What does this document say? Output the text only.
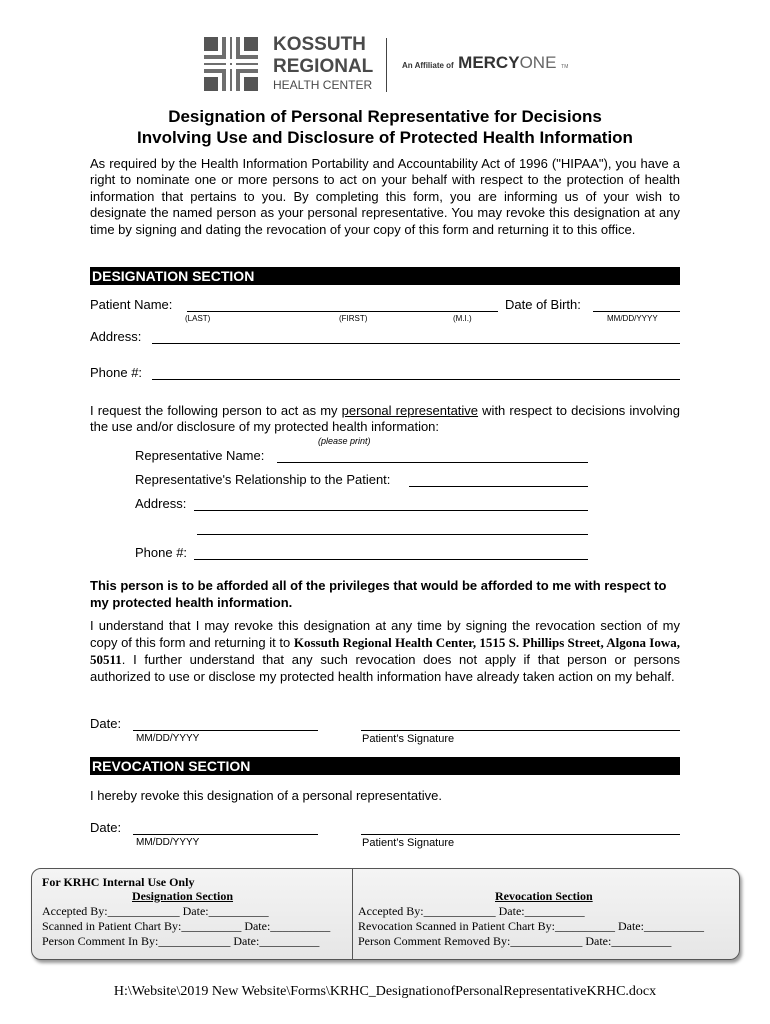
KOSSUTH
REGIONAL
HEALTH CENTER
An Affiliate of MERCYONE TM
Designation of Personal Representative for Decisions
Involving Use and Disclosure of Protected Health Information
As required by the Health Information Portability and Accountability Act of 1996 ("HIPAA"), you have a right to nominate one or more persons to act on your behalf with respect to the protection of health information that pertains to you. By completing this form, you are informing us of your wish to designate the named person as your personal representative. You may revoke this designation at any time by signing and dating the revocation of your copy of this form and returning it to this office.
DESIGNATION SECTION
Patient Name:	Date of Birth:
(LAST)	(FIRST)	(M.I.)	MM/DD/YYYY
Address:
Phone #:
I request the following person to act as my personal representative with respect to decisions involving the use and/or disclosure of my protected health information:
(please print)
Representative Name:
Representative's Relationship to the Patient:
Address:
Phone #:
This person is to be afforded all of the privileges that would be afforded to me with respect to my protected health information.
I understand that I may revoke this designation at any time by signing the revocation section of my copy of this form and returning it to Kossuth Regional Health Center, 1515 S. Phillips Street, Algona Iowa, 50511. I further understand that any such revocation does not apply if that person or persons authorized to use or disclose my protected health information have already taken action on my behalf.
Date:
MM/DD/YYYY	Patient’s Signature
REVOCATION SECTION
I hereby revoke this designation of a personal representative.
Date:
MM/DD/YYYY	Patient’s Signature
For KRHC Internal Use Only
Designation Section
Accepted By:____________ Date:__________
Scanned in Patient Chart By:__________ Date:__________
Person Comment In By:____________ Date:__________
Revocation Section
Accepted By:____________ Date:__________
Revocation Scanned in Patient Chart By:__________ Date:__________
Person Comment Removed By:____________ Date:__________
H:\Website\2019 New Website\Forms\KRHC_DesignationofPersonalRepresentativeKRHC.docx
